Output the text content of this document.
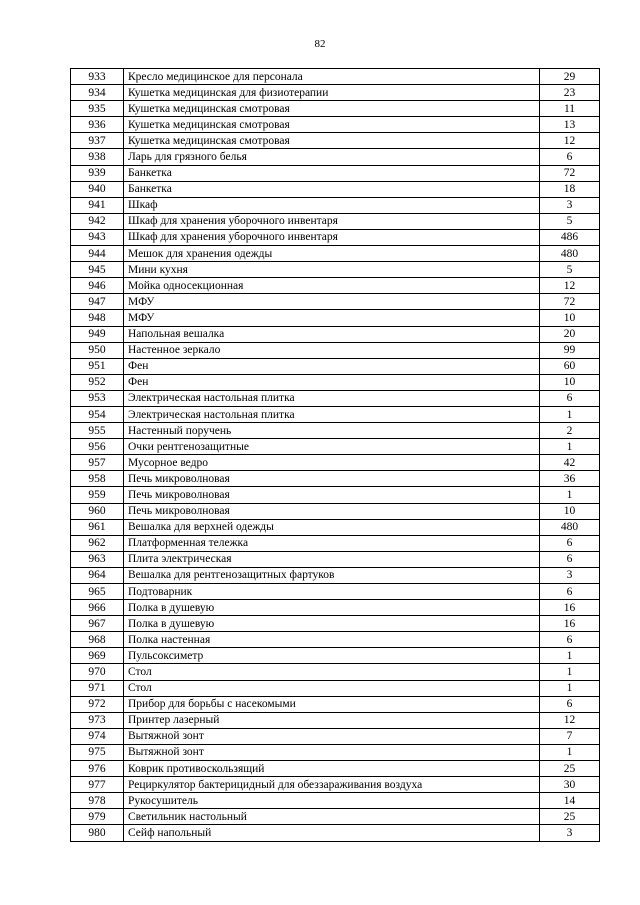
82
933	Кресло медицинское для персонала	29
934	Кушетка медицинская для физиотерапии	23
935	Кушетка медицинская смотровая	11
936	Кушетка медицинская смотровая	13
937	Кушетка медицинская смотровая	12
938	Ларь для грязного белья	6
939	Банкетка	72
940	Банкетка	18
941	Шкаф	3
942	Шкаф для хранения уборочного инвентаря	5
943	Шкаф для хранения уборочного инвентаря	486
944	Мешок для хранения одежды	480
945	Мини кухня	5
946	Мойка односекционная	12
947	МФУ	72
948	МФУ	10
949	Напольная вешалка	20
950	Настенное зеркало	99
951	Фен	60
952	Фен	10
953	Электрическая настольная плитка	6
954	Электрическая настольная плитка	1
955	Настенный поручень	2
956	Очки рентгенозащитные	1
957	Мусорное ведро	42
958	Печь микроволновая	36
959	Печь микроволновая	1
960	Печь микроволновая	10
961	Вешалка для верхней одежды	480
962	Платформенная тележка	6
963	Плита электрическая	6
964	Вешалка для рентгенозащитных фартуков	3
965	Подтоварник	6
966	Полка в душевую	16
967	Полка в душевую	16
968	Полка настенная	6
969	Пульсоксиметр	1
970	Стол	1
971	Стол	1
972	Прибор для борьбы с насекомыми	6
973	Принтер лазерный	12
974	Вытяжной зонт	7
975	Вытяжной зонт	1
976	Коврик противоскользящий	25
977	Рециркулятор бактерицидный для обеззараживания воздуха	30
978	Рукосушитель	14
979	Светильник настольный	25
980	Сейф напольный	3
